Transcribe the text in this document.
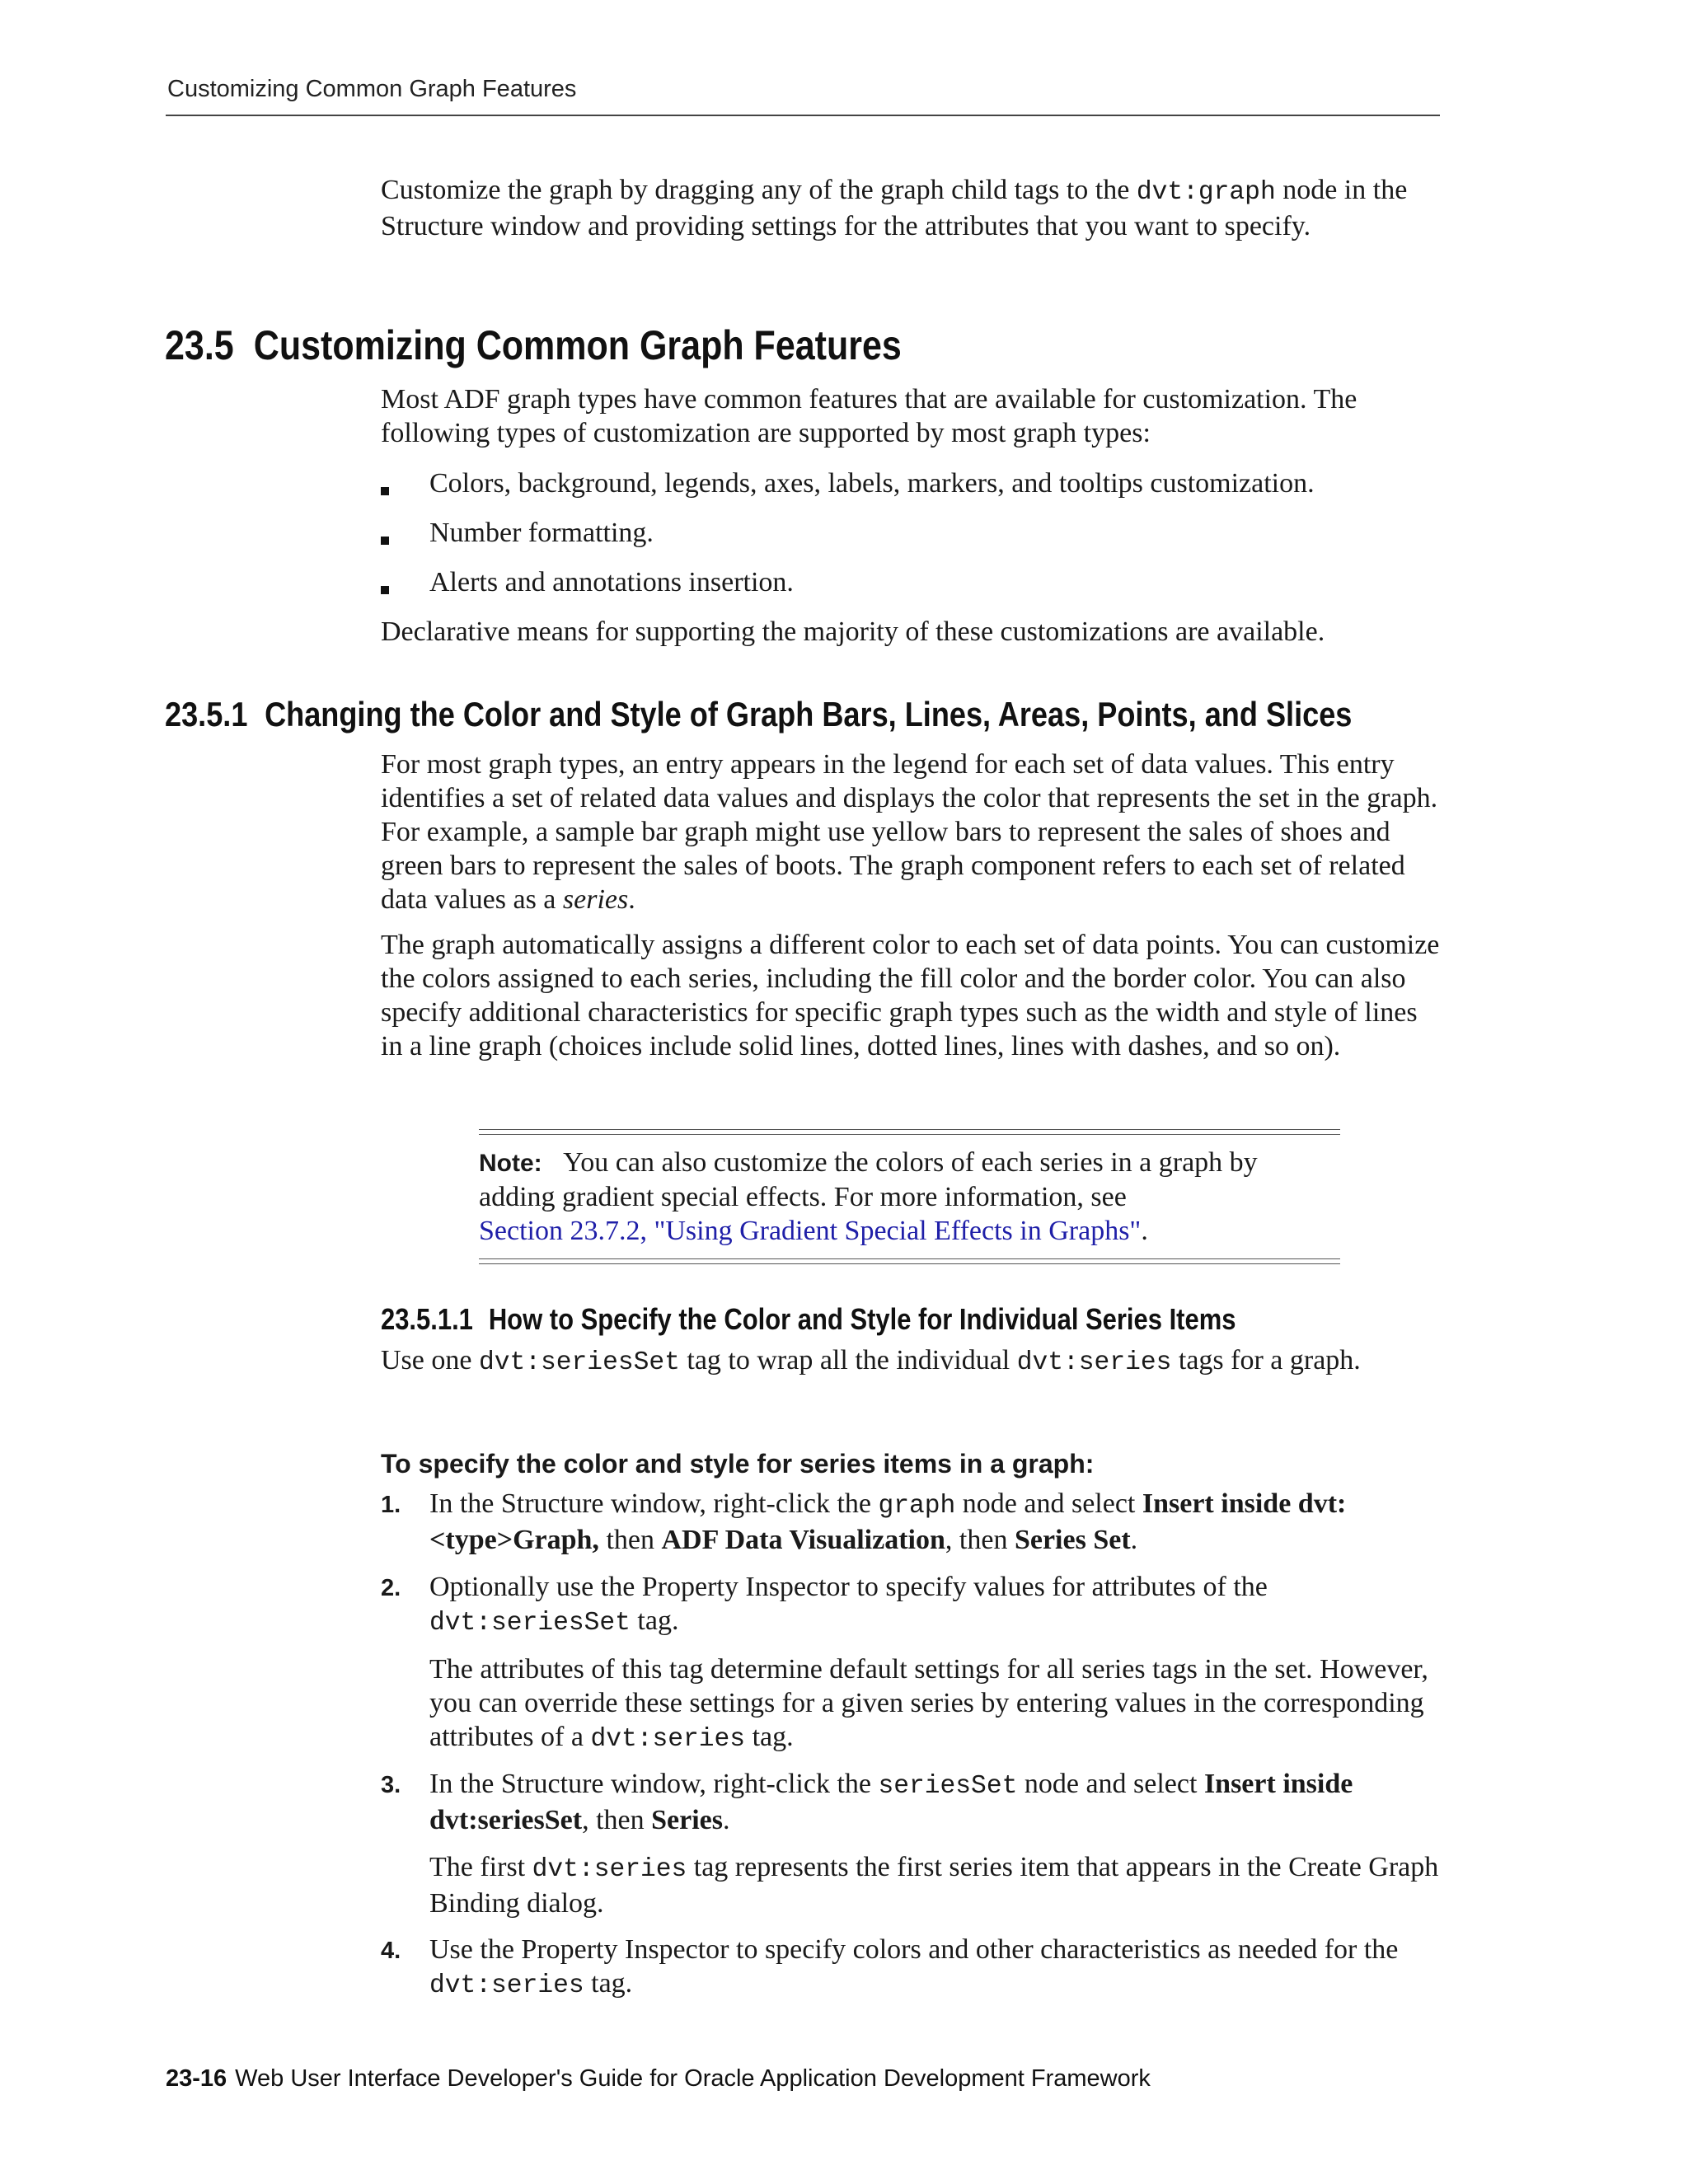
Customizing Common Graph Features
Customize the graph by dragging any of the graph child tags to the dvt:graph node in the Structure window and providing settings for the attributes that you want to specify.
23.5 Customizing Common Graph Features
Most ADF graph types have common features that are available for customization. The following types of customization are supported by most graph types:
Colors, background, legends, axes, labels, markers, and tooltips customization.
Number formatting.
Alerts and annotations insertion.
Declarative means for supporting the majority of these customizations are available.
23.5.1 Changing the Color and Style of Graph Bars, Lines, Areas, Points, and Slices
For most graph types, an entry appears in the legend for each set of data values. This entry identifies a set of related data values and displays the color that represents the set in the graph. For example, a sample bar graph might use yellow bars to represent the sales of shoes and green bars to represent the sales of boots. The graph component refers to each set of related data values as a series.
The graph automatically assigns a different color to each set of data points. You can customize the colors assigned to each series, including the fill color and the border color. You can also specify additional characteristics for specific graph types such as the width and style of lines in a line graph (choices include solid lines, dotted lines, lines with dashes, and so on).
Note: You can also customize the colors of each series in a graph by adding gradient special effects. For more information, see
Section 23.7.2, "Using Gradient Special Effects in Graphs".
23.5.1.1 How to Specify the Color and Style for Individual Series Items
Use one dvt:seriesSet tag to wrap all the individual dvt:series tags for a graph.
To specify the color and style for series items in a graph:
1. In the Structure window, right-click the graph node and select Insert inside dvt:<type>Graph, then ADF Data Visualization, then Series Set.
2. Optionally use the Property Inspector to specify values for attributes of the dvt:seriesSet tag.
The attributes of this tag determine default settings for all series tags in the set. However, you can override these settings for a given series by entering values in the corresponding attributes of a dvt:series tag.
3. In the Structure window, right-click the seriesSet node and select Insert inside dvt:seriesSet, then Series.
The first dvt:series tag represents the first series item that appears in the Create Graph Binding dialog.
4. Use the Property Inspector to specify colors and other characteristics as needed for the dvt:series tag.
23-16 Web User Interface Developer's Guide for Oracle Application Development Framework
